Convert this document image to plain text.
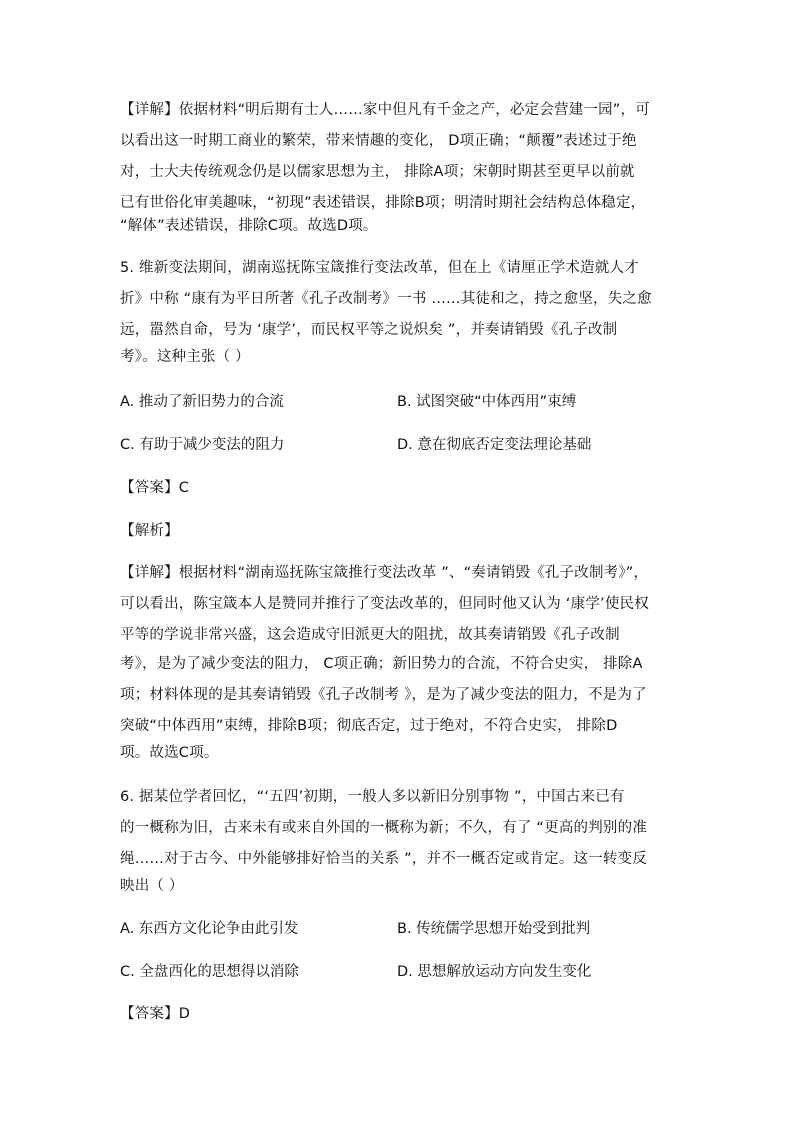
【详解】依据材料“明后期有士人……家中但凡有千金之产，必定会营建一园”，可
以看出这一时期工商业的繁荣，带来情趣的变化， D项正确；“颠覆”表述过于绝
对，士大夫传统观念仍是以儒家思想为主， 排除A项；宋朝时期甚至更早以前就
已有世俗化审美趣味，“初现”表述错误，排除B项；明清时期社会结构总体稳定，
“解体”表述错误，排除C项。故选D项。
5. 维新变法期间，湖南巡抚陈宝箴推行变法改革，但在上《请厘正学术造就人才
折》中称 “康有为平日所著《孔子改制考》一书 ……其徒和之，持之愈坚，失之愈
远，嚣然自命，号为 ‘康学’，而民权平等之说炽矣 ”，并奏请销毁《孔子改制
考》。这种主张（ ）
A. 推动了新旧势力的合流	B. 试图突破“中体西用”束缚
C. 有助于减少变法的阻力	D. 意在彻底否定变法理论基础
【答案】C
【解析】
【详解】根据材料“湖南巡抚陈宝箴推行变法改革 ”、“奏请销毁《孔子改制考》”，
可以看出，陈宝箴本人是赞同并推行了变法改革的，但同时他又认为 ‘康学’使民权
平等的学说非常兴盛，这会造成守旧派更大的阻扰，故其奏请销毁《孔子改制
考》，是为了减少变法的阻力， C项正确；新旧势力的合流，不符合史实， 排除A
项；材料体现的是其奏请销毁《孔子改制考 》，是为了减少变法的阻力，不是为了
突破“中体西用”束缚，排除B项；彻底否定，过于绝对，不符合史实， 排除D
项。故选C项。
6. 据某位学者回忆，“‘五四’初期，一般人多以新旧分别事物 ”，中国古来已有
的一概称为旧，古来未有或来自外国的一概称为新；不久，有了 “更高的判别的准
绳……对于古今、中外能够排好恰当的关系 ”，并不一概否定或肯定。这一转变反
映出（ ）
A. 东西方文化论争由此引发	B. 传统儒学思想开始受到批判
C. 全盘西化的思想得以消除	D. 思想解放运动方向发生变化
【答案】D
